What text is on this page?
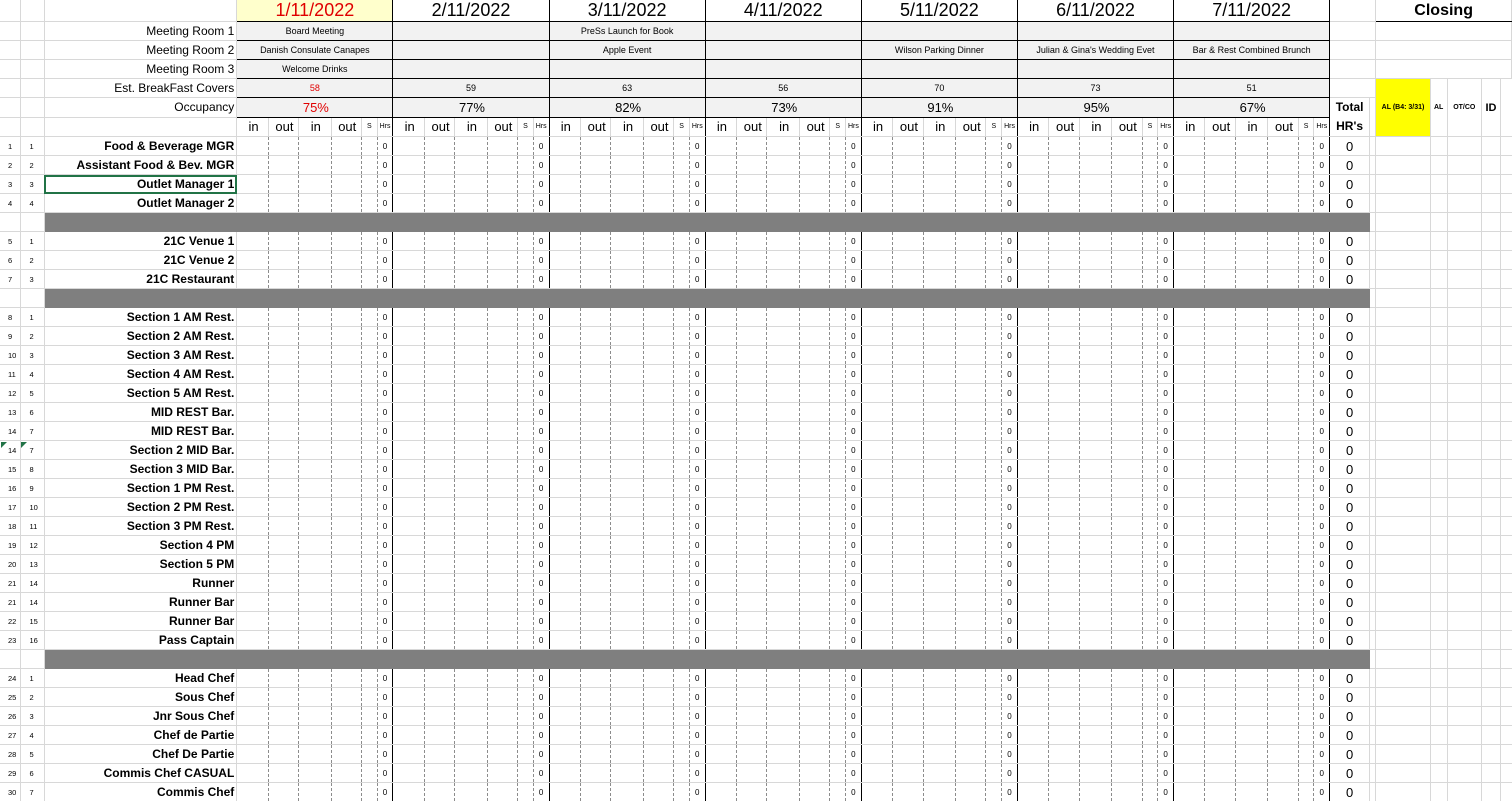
			1/11/2022						2/11/2022						3/11/2022						4/11/2022						5/11/2022						6/11/2022						7/11/2022								Closing				
		Meeting Room 1	Board Meeting												PreSs Launch for Book																																				
		Meeting Room 2	Danish Consulate Canapes												Apple Event												Wilson Parking Dinner						Julian & Gina's Wedding Evet						Bar & Rest Combined Brunch												
		Meeting Room 3	Welcome Drinks																																																
		Est. BreakFast Covers	58						59						63						56						70						73						51								AL (B4: 3/31)	AL	OT/CO	ID	
		Occupancy	75%						77%						82%						73%						91%						95%						67%						Total
HR's						

			in	out	in	out	S	Hrs	in	out	in	out	S	Hrs	in	out	in	out	S	Hrs	in	out	in	out	S	Hrs	in	out	in	out	S	Hrs	in	out	in	out	S	Hrs	in	out	in	out	S	Hrs							
1	1	Food & Beverage MGR						0						0						0						0						0						0						0	0						
2	2	Assistant Food & Bev. MGR						0						0						0						0						0						0						0	0						
3	3	Outlet Manager 1						0						0						0						0						0						0						0	0						
4	4	Outlet Manager 2						0						0						0						0						0						0						0	0						

5	1	21C Venue 1						0						0						0						0						0						0						0	0						
6	2	21C Venue 2						0						0						0						0						0						0						0	0						
7	3	21C Restaurant						0						0						0						0						0						0						0	0						

8	1	Section 1 AM Rest.						0						0						0						0						0						0						0	0						
9	2	Section 2 AM Rest.						0						0						0						0						0						0						0	0						
10	3	Section 3 AM Rest.						0						0						0						0						0						0						0	0						
11	4	Section 4 AM Rest.						0						0						0						0						0						0						0	0						
12	5	Section 5 AM Rest.						0						0						0						0						0						0						0	0						
13	6	MID REST Bar.						0						0						0						0						0						0						0	0						
14	7	MID REST Bar.						0						0						0						0						0						0						0	0						
14	7	Section 2 MID Bar.						0						0						0						0						0						0						0	0						
15	8	Section 3 MID Bar.						0						0						0						0						0						0						0	0						
16	9	Section 1 PM Rest.						0						0						0						0						0						0						0	0						
17	10	Section 2 PM Rest.						0						0						0						0						0						0						0	0						
18	11	Section 3 PM Rest.						0						0						0						0						0						0						0	0						
19	12	Section 4 PM						0						0						0						0						0						0						0	0						
20	13	Section 5 PM						0						0						0						0						0						0						0	0						
21	14	Runner						0						0						0						0						0						0						0	0						
21	14	Runner Bar						0						0						0						0						0						0						0	0						
22	15	Runner Bar						0						0						0						0						0						0						0	0						
23	16	Pass Captain						0						0						0						0						0						0						0	0						

24	1	Head Chef						0						0						0						0						0						0						0	0						
25	2	Sous Chef						0						0						0						0						0						0						0	0						
26	3	Jnr Sous Chef						0						0						0						0						0						0						0	0						
27	4	Chef de Partie						0						0						0						0						0						0						0	0						
28	5	Chef De Partie						0						0						0						0						0						0						0	0						
29	6	Commis Chef CASUAL						0						0						0						0						0						0						0	0						
30	7	Commis Chef						0						0						0						0						0						0						0	0						
